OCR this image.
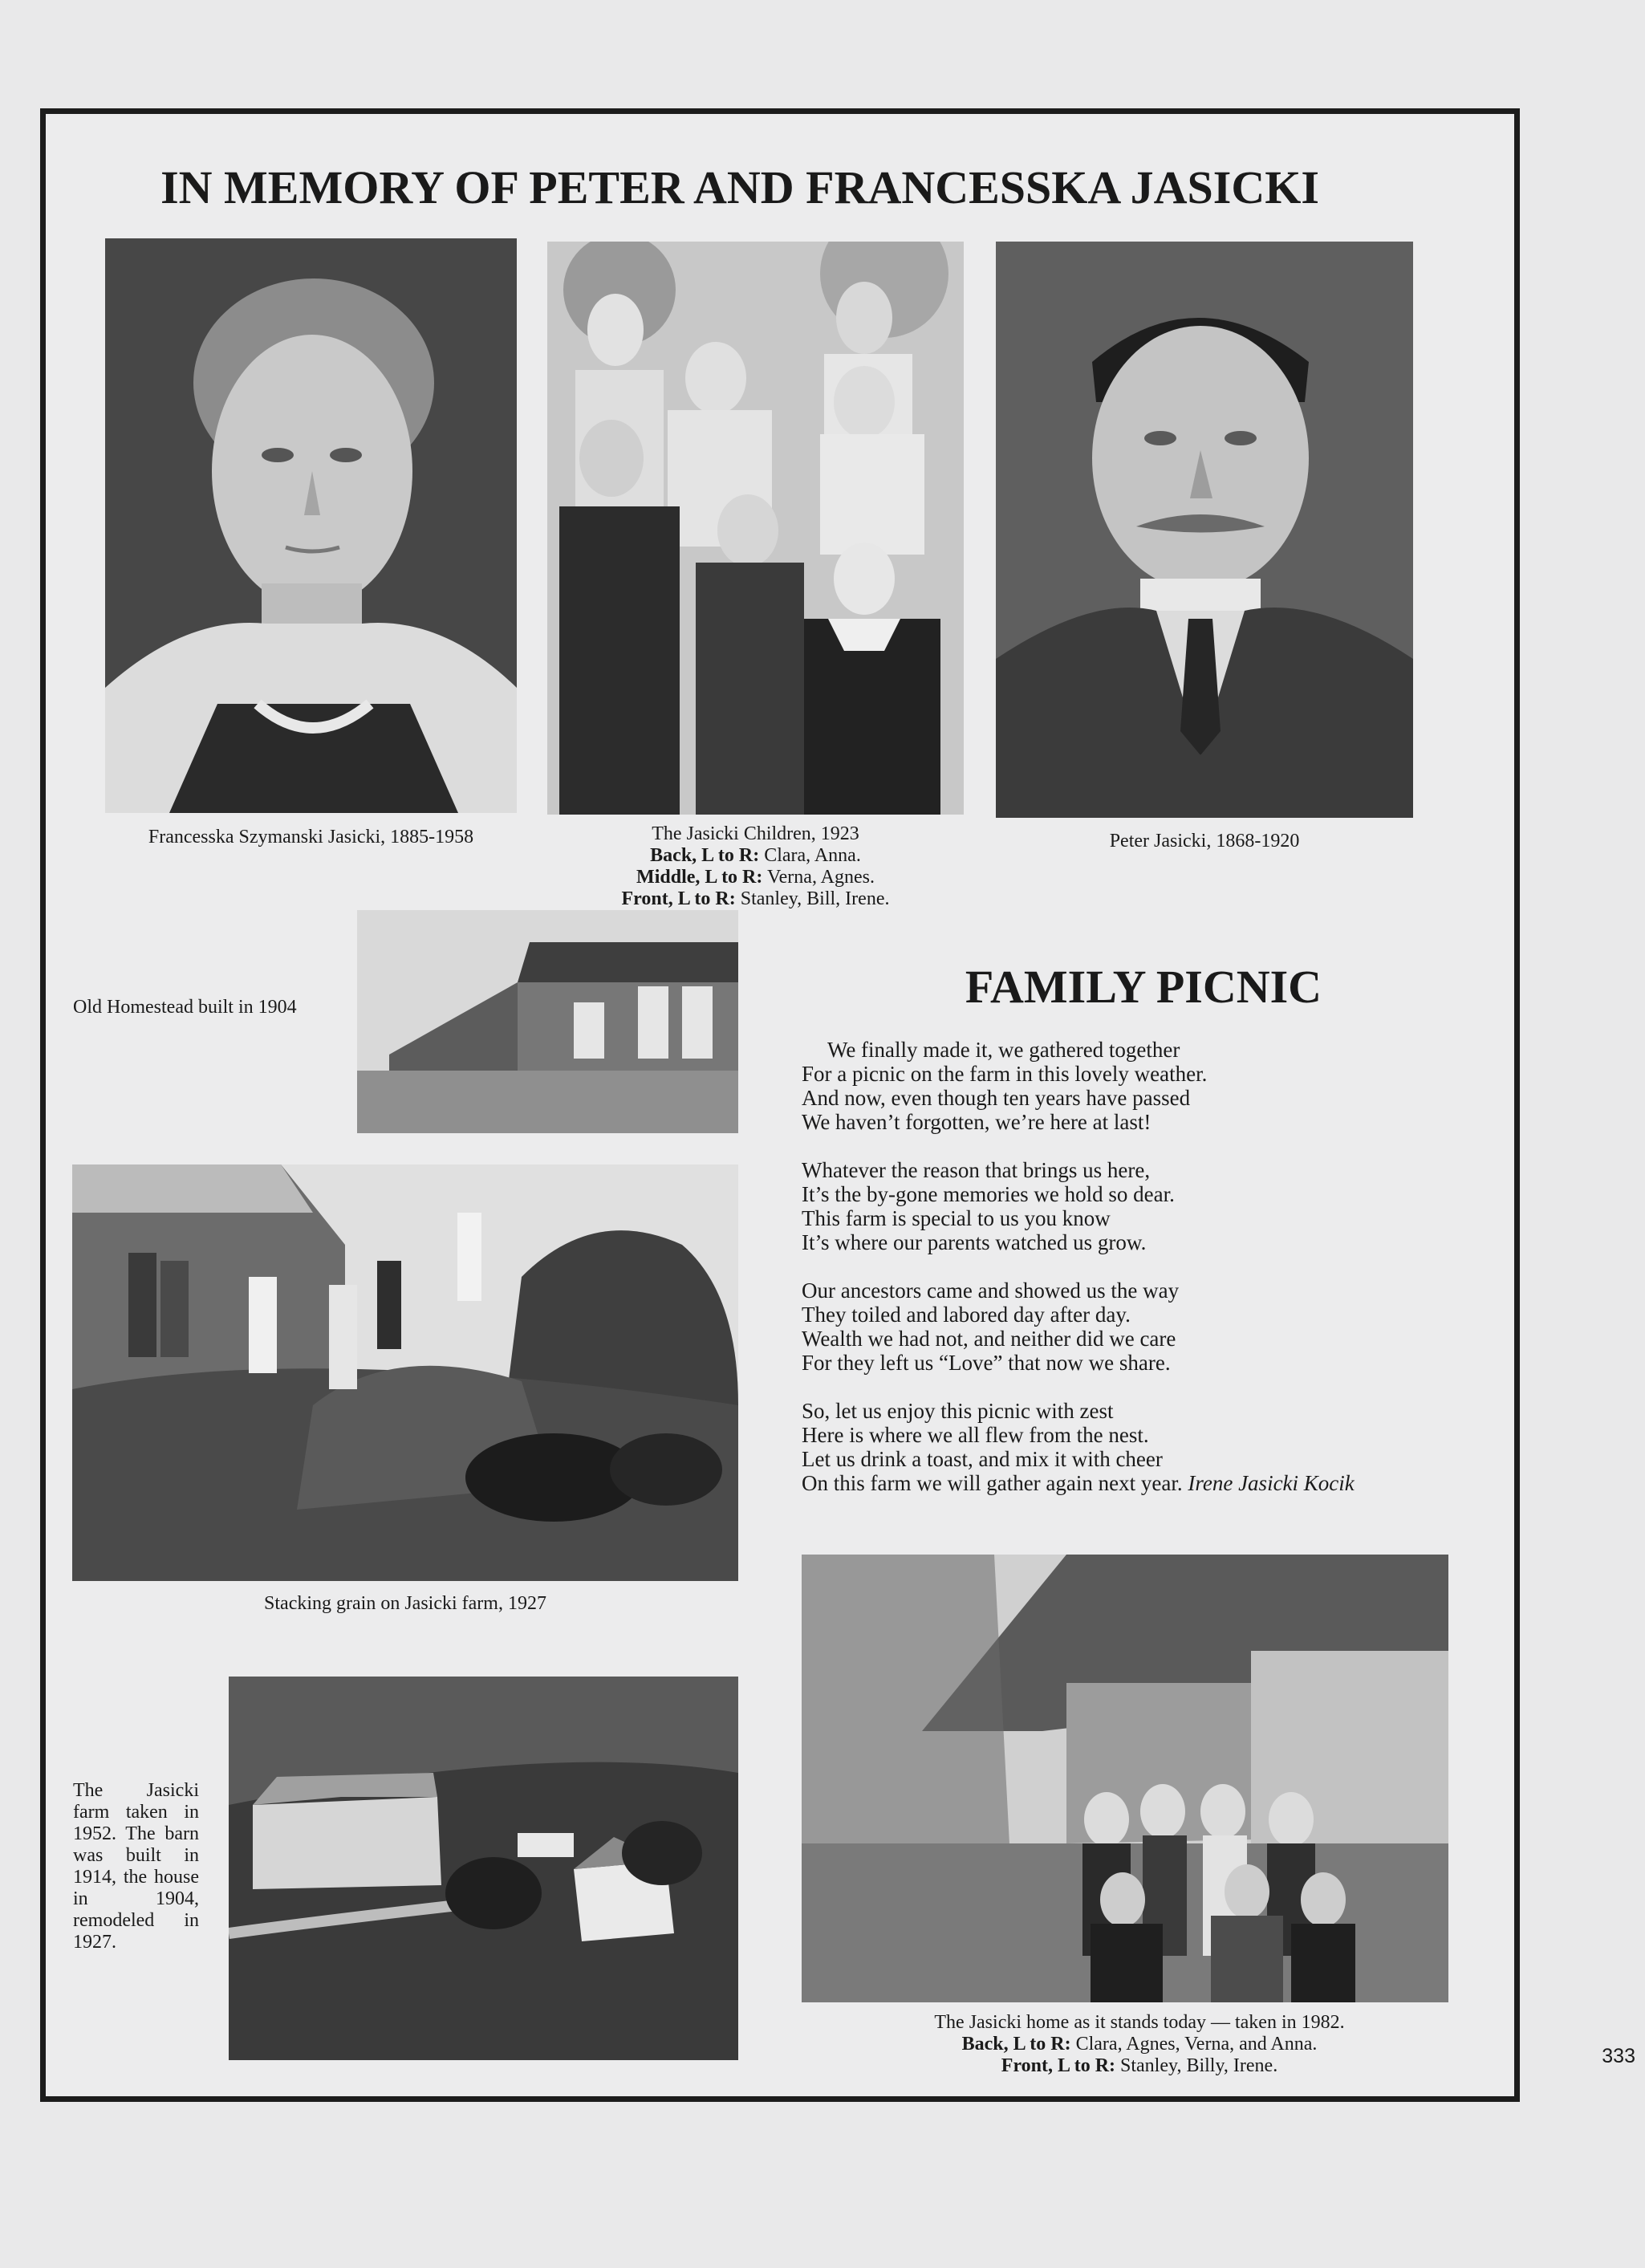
IN MEMORY OF PETER AND FRANCESSKA JASICKI
Francesska Szymanski Jasicki, 1885-1958	The Jasicki Children, 1923
Back, L to R: Clara, Anna.
Middle, L to R: Verna, Agnes.
Front, L to R: Stanley, Bill, Irene.
Peter Jasicki, 1868-1920
Old Homestead built in 1904	FAMILY PICNIC
We finally made it, we gathered together
For a picnic on the farm in this lovely weather.
And now, even though ten years have passed
We haven’t forgotten, we’re here at last!
Whatever the reason that brings us here,
It’s the by-gone memories we hold so dear.
This farm is special to us you know
It’s where our parents watched us grow.
Our ancestors came and showed us the way
They toiled and labored day after day.
Wealth we had not, and neither did we care
For they left us “Love” that now we share.
So, let us enjoy this picnic with zest
Here is where we all flew from the nest.
Let us drink a toast, and mix it with cheer
On this farm we will gather again next year. Irene Jasicki Kocik
Stacking grain on Jasicki farm, 1927
The Jasicki farm taken in 1952. The barn was built in 1914, the house in 1904, remodeled in 1927.
The Jasicki home as it stands today — taken in 1982.
Back, L to R: Clara, Agnes, Verna, and Anna.
Front, L to R: Stanley, Billy, Irene.	333
